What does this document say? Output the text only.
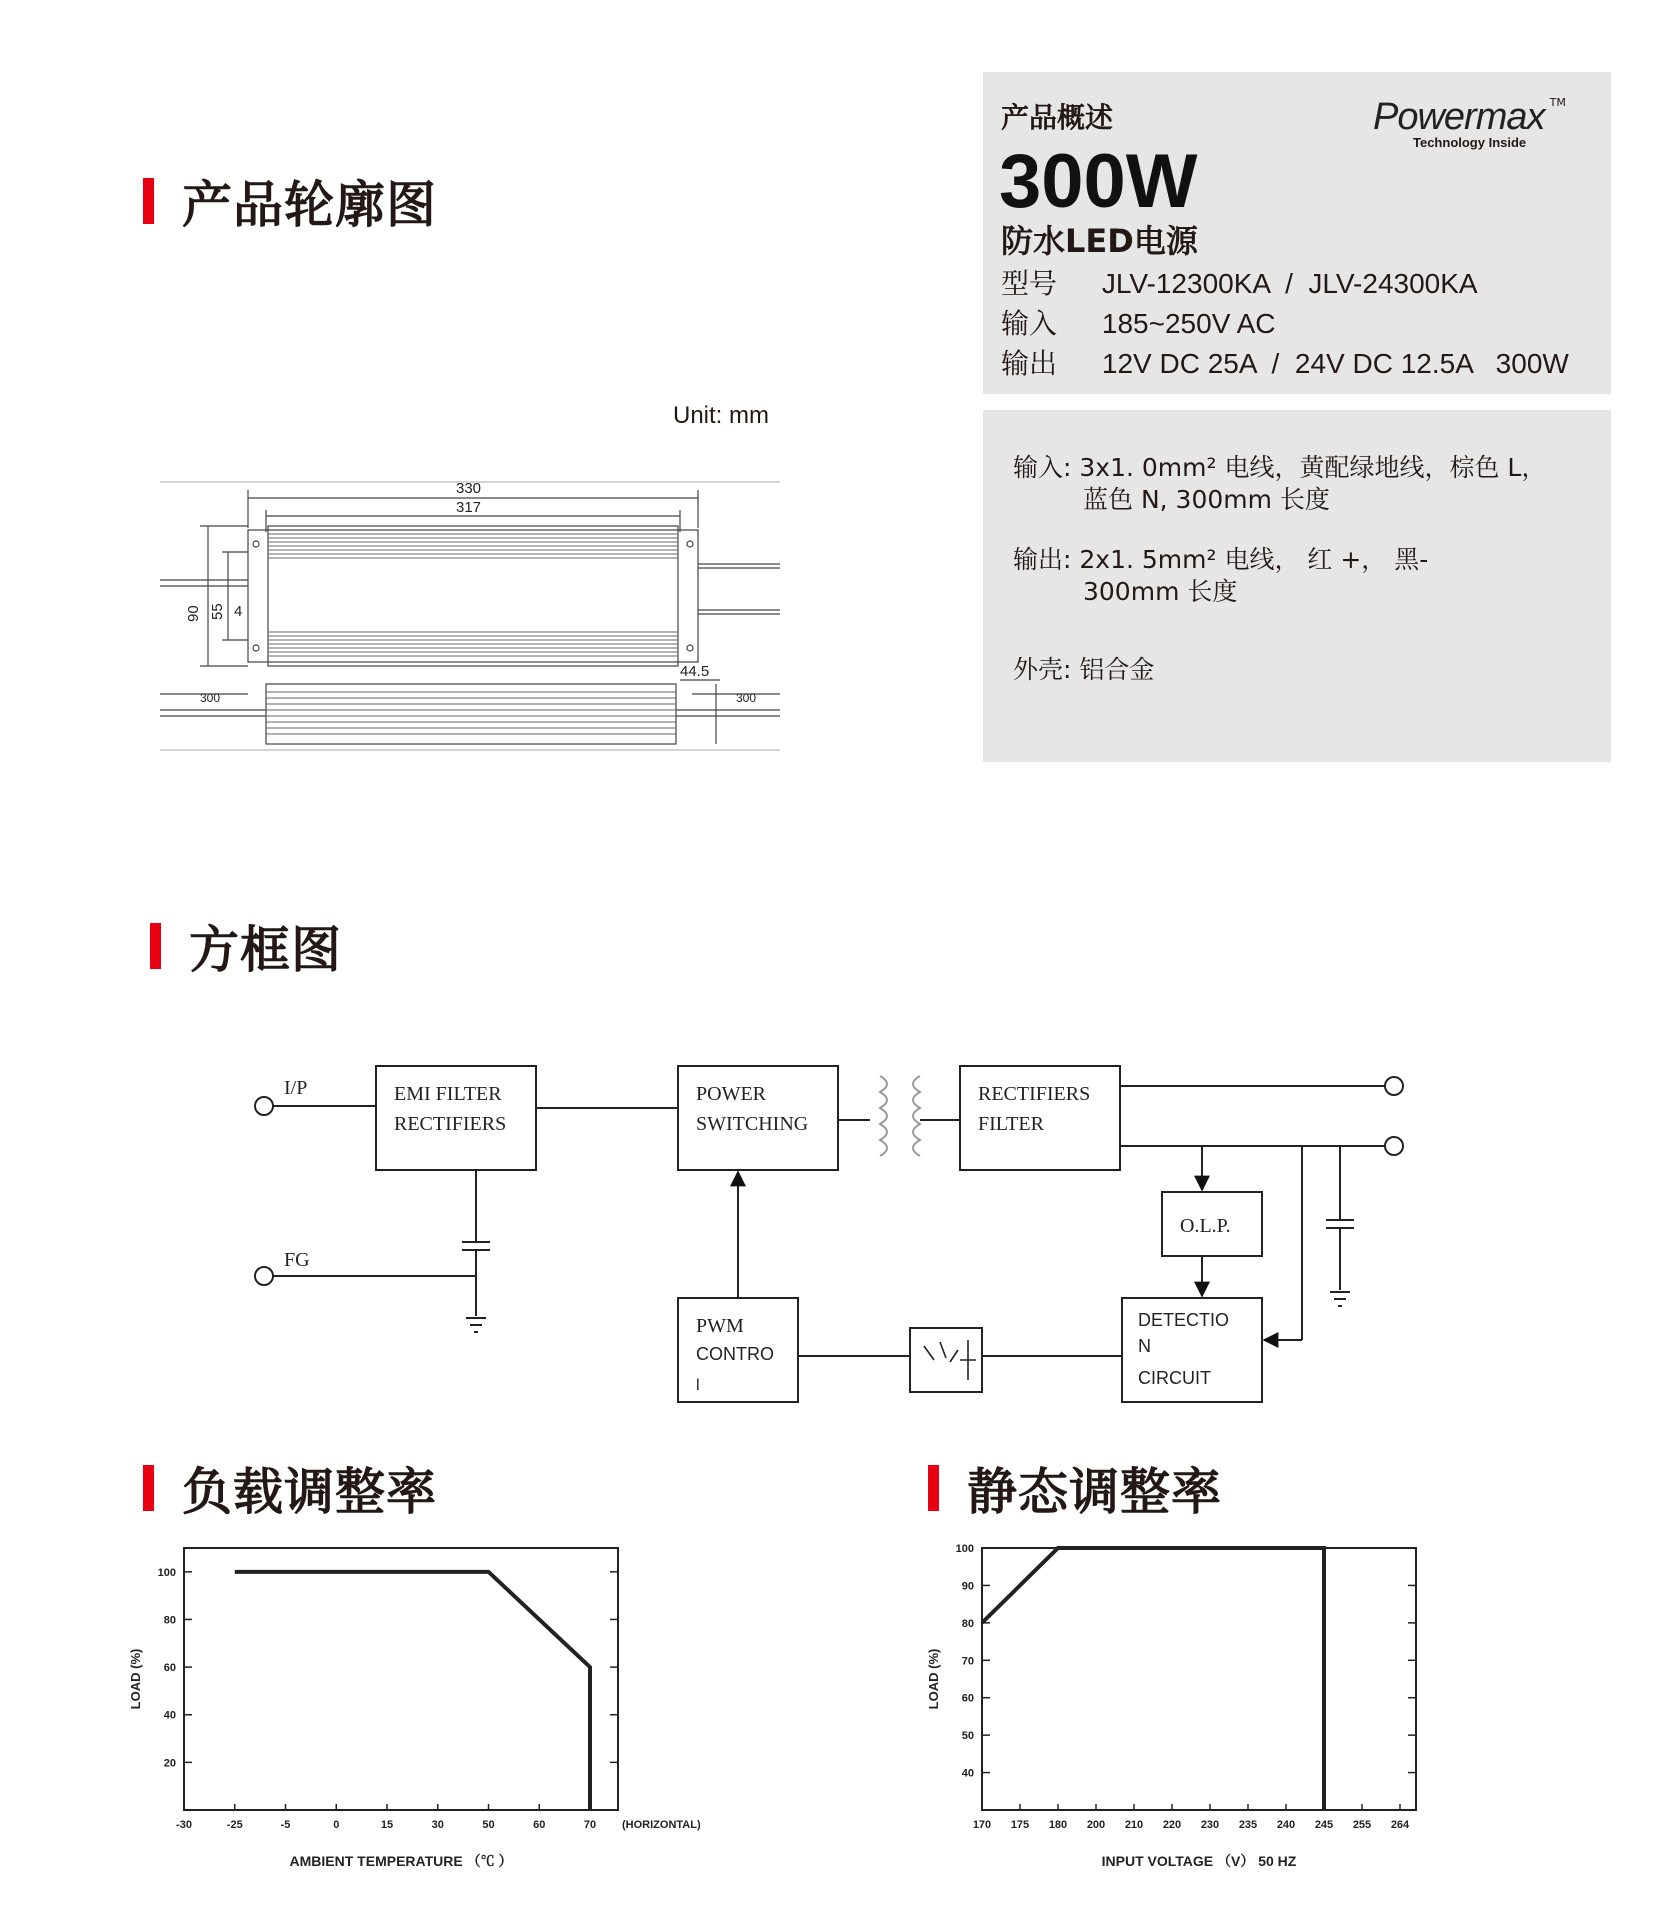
产品轮廓图
Unit: mm
330
317
90 55 4
44.5
300	300
产品概述	Powermax ™
Technology Inside
300W
防水LED电源
型号 JLV-12300KA  /  JLV-24300KA
输入 185~250V AC
输出 12V DC 25A  /  24V DC 12.5A   300W
输入: 3x1. 0mm² 电线，黄配绿地线，棕色 L，
蓝色 N, 300mm 长度
输出: 2x1. 5mm² 电线， 红 +， 黑-
300mm 长度
外壳: 铝合金
方框图
I/P
FG
EMI FILTER
RECTIFIERS
POWER
SWITCHING
RECTIFIERS
FILTER
O.L.P.
PWM
CONTRO
l
DETECTIO
N
CIRCUIT
负载调整率	静态调整率
20
40
60
80
100
-30	-25	-5	0	15	30	50	60	70 (HORIZONTAL)
AMBIENT TEMPERATURE （℃ ）
LOAD (%)
40
50
60
70
80
90
100
170 175 180 200 210 220 230 235 240 245 255 264
INPUT VOLTAGE （V） 50 HZ
LOAD (%)
